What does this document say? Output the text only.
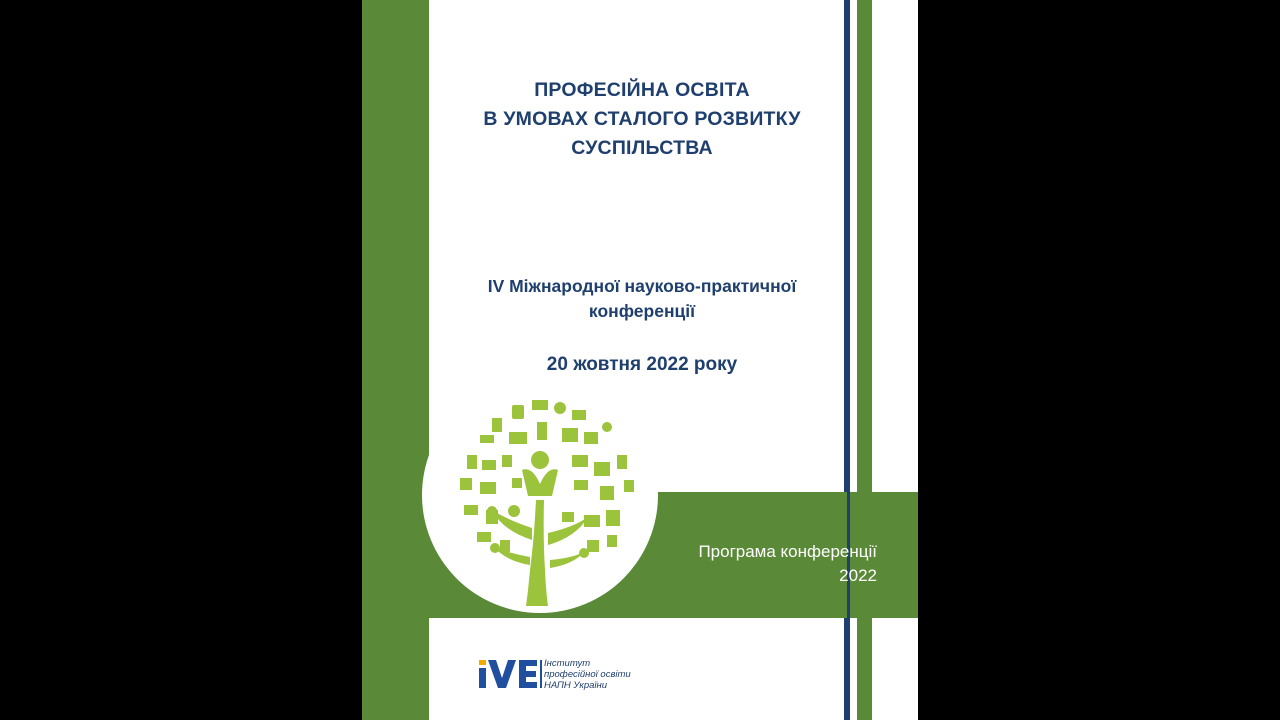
ПРОФЕСІЙНА ОСВІТА
В УМОВАХ СТАЛОГО РОЗВИТКУ
СУСПІЛЬСТВА
IV Міжнародної науково-практичної
конференції
20 жовтня 2022 року
Програма конференції
2022
Інститут
професійної освіти
НАПН України
